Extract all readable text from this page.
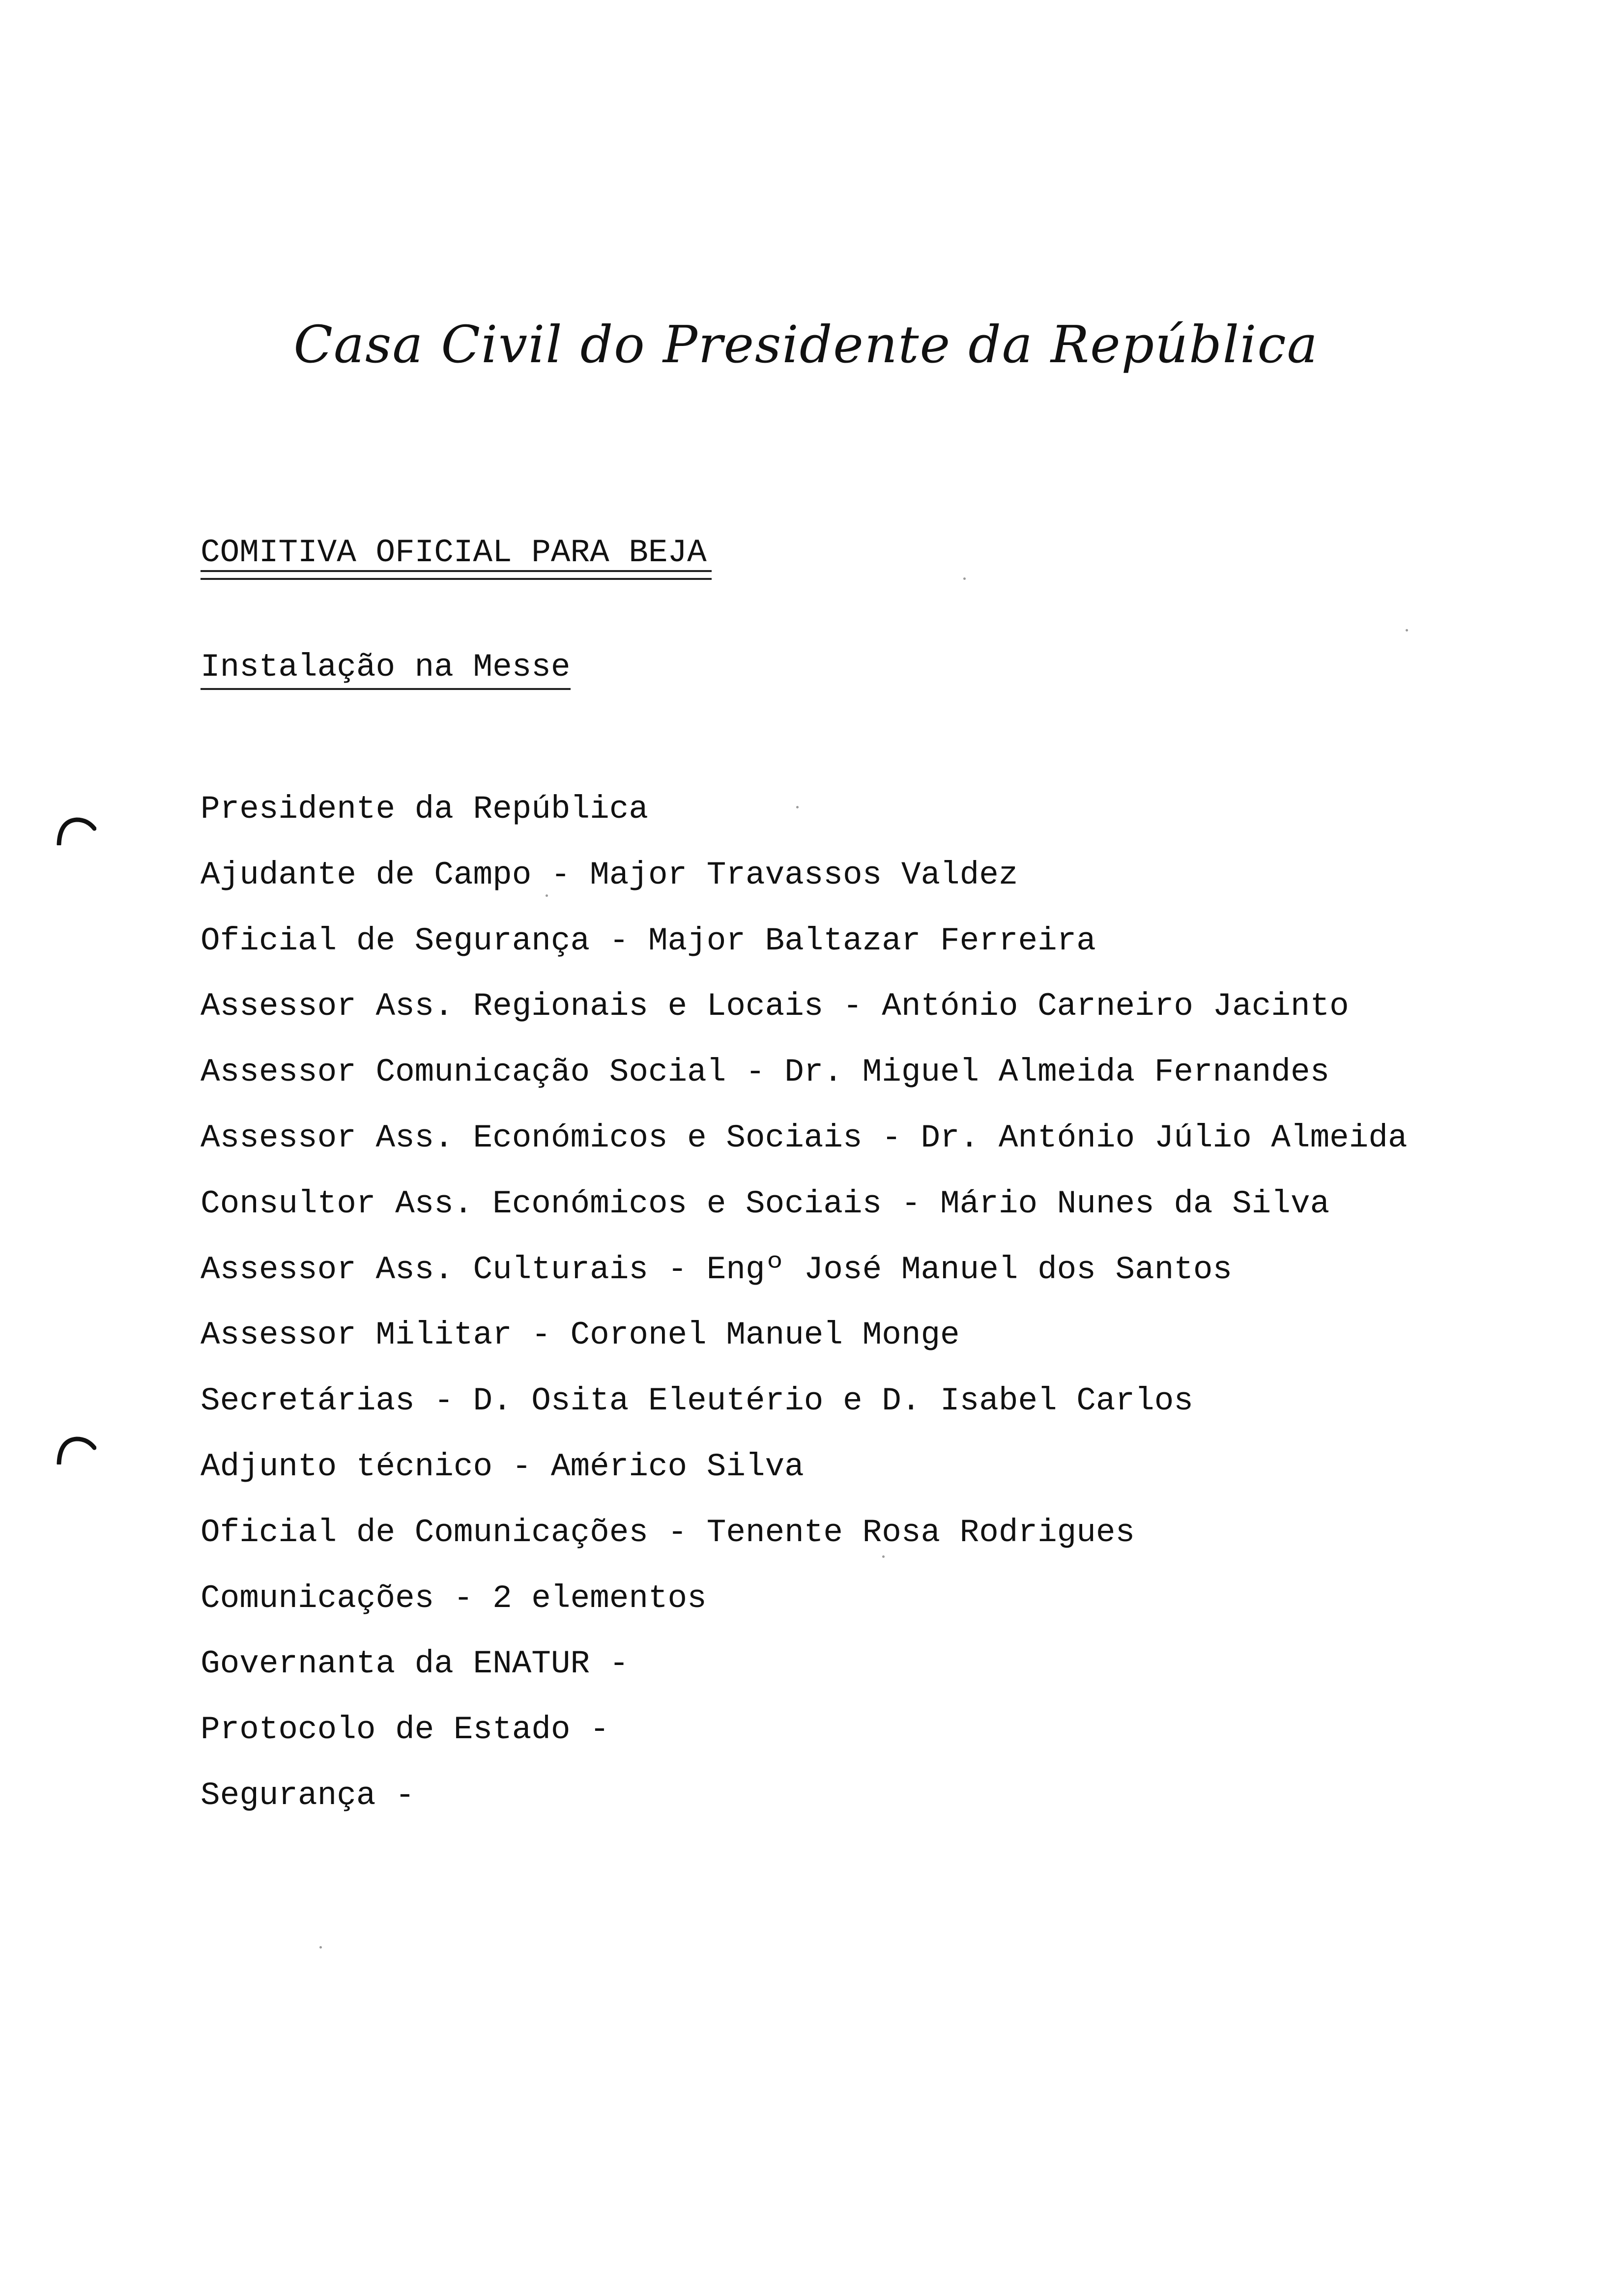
Casa Civil do Presidente da República
COMITIVA OFICIAL PARA BEJA
Instalação na Messe
Presidente da República
Ajudante de Campo - Major Travassos Valdez
Oficial de Segurança - Major Baltazar Ferreira
Assessor Ass. Regionais e Locais - António Carneiro Jacinto
Assessor Comunicação Social - Dr. Miguel Almeida Fernandes
Assessor Ass. Económicos e Sociais - Dr. António Júlio Almeida
Consultor Ass. Económicos e Sociais - Mário Nunes da Silva
Assessor Ass. Culturais - Engº José Manuel dos Santos
Assessor Militar - Coronel Manuel Monge
Secretárias - D. Osita Eleutério e D. Isabel Carlos
Adjunto técnico - Américo Silva
Oficial de Comunicações - Tenente Rosa Rodrigues
Comunicações - 2 elementos
Governanta da ENATUR -
Protocolo de Estado -
Segurança -
